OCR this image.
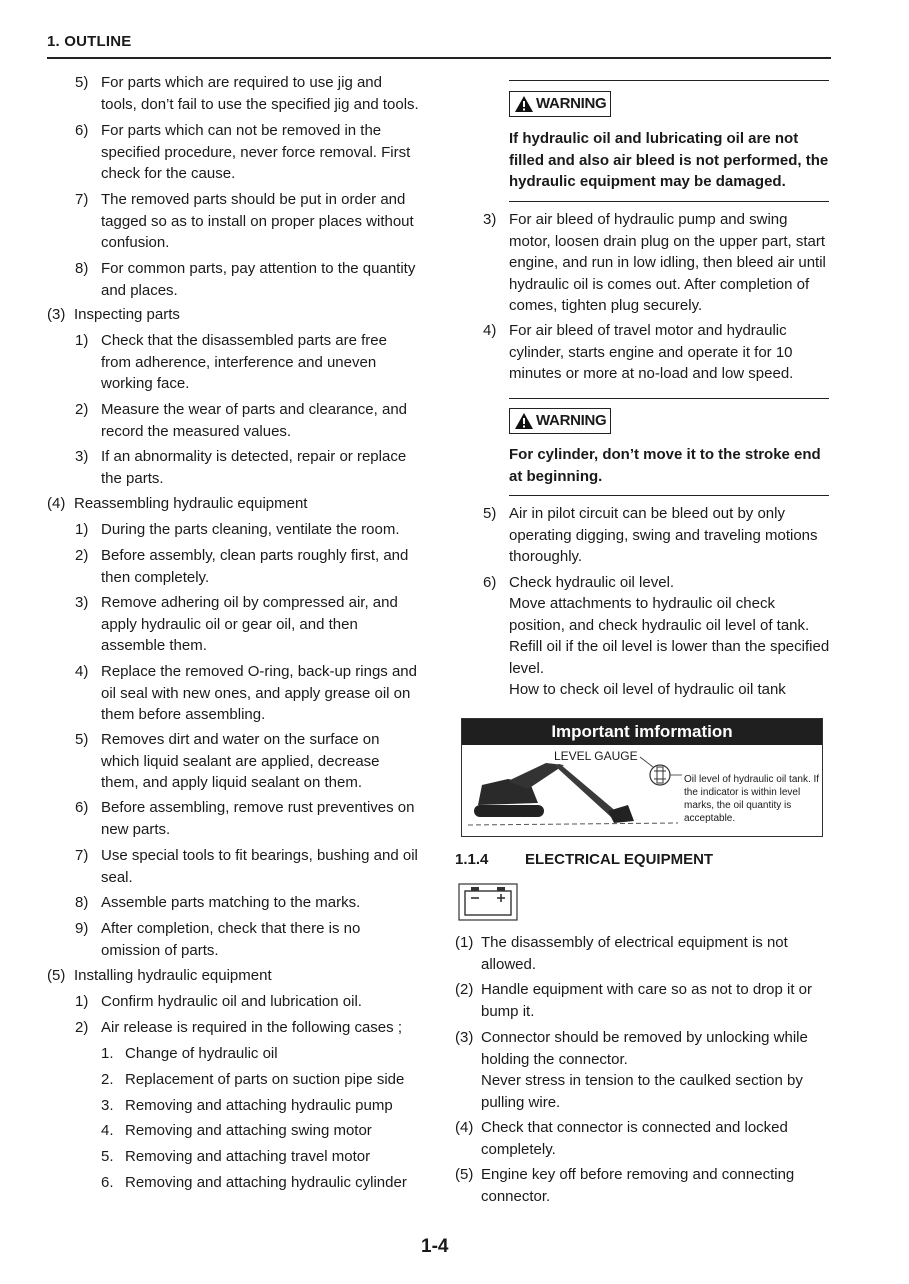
1. OUTLINE
5) For parts which are required to use jig and tools, don’t fail to use the specified jig and tools.
6) For parts which can not be removed in the specified procedure, never force removal. First check for the cause.
7) The removed parts should be put in order and tagged so as to install on proper places without confusion.
8) For common parts, pay attention to the quantity and places.
(3) Inspecting parts
1) Check that the disassembled parts are free from adherence, interference and uneven working face.
2) Measure the wear of parts and clearance, and record the measured values.
3) If an abnormality is detected, repair or replace the parts.
(4) Reassembling hydraulic equipment
1) During the parts cleaning, ventilate the room.
2) Before assembly, clean parts roughly first, and then completely.
3) Remove adhering oil by compressed air, and apply hydraulic oil or gear oil, and then assemble them.
4) Replace the removed O-ring, back-up rings and oil seal with new ones, and apply grease oil on them before assembling.
5) Removes dirt and water on the surface on which liquid sealant are applied, decrease them, and apply liquid sealant on them.
6) Before assembling, remove rust preventives on new parts.
7) Use special tools to fit bearings, bushing and oil seal.
8) Assemble parts matching to the marks.
9) After completion, check that there is no omission of parts.
(5) Installing hydraulic equipment
1) Confirm hydraulic oil and lubrication oil.
2) Air release is required in the following cases ;
1. Change of hydraulic oil
2. Replacement of parts on suction pipe side
3. Removing and attaching hydraulic pump
4. Removing and attaching swing motor
5. Removing and attaching travel motor
6. Removing and attaching hydraulic cylinder
WARNING
If hydraulic oil and lubricating oil are not filled and also air bleed is not performed, the hydraulic equipment may be damaged.
3) For air bleed of hydraulic pump and swing motor, loosen drain plug on the upper part, start engine, and run in low idling, then bleed air until hydraulic oil is comes out. After completion of comes, tighten plug securely.
4) For air bleed of travel motor and hydraulic cylinder, starts engine and operate it for 10 minutes or more at no-load and low speed.
WARNING
For cylinder, don’t move it to the stroke end at beginning.
5) Air in pilot circuit can be bleed out by only operating digging, swing and traveling motions thoroughly.
6) Check hydraulic oil level.
Move attachments to hydraulic oil check position, and check hydraulic oil level of tank. Refill oil if the oil level is lower than the specified level.
How to check oil level of hydraulic oil tank
Important imformation
LEVEL GAUGE
Oil level of hydraulic oil tank. If the indicator is within level marks, the oil quantity is acceptable.
1.1.4 ELECTRICAL EQUIPMENT
(1) The disassembly of electrical equipment is not allowed.
(2) Handle equipment with care so as not to drop it or bump it.
(3) Connector should be removed by unlocking while holding the connector.
Never stress in tension to the caulked section by pulling wire.
(4) Check that connector is connected and locked completely.
(5) Engine key off before removing and connecting connector.
1-4
